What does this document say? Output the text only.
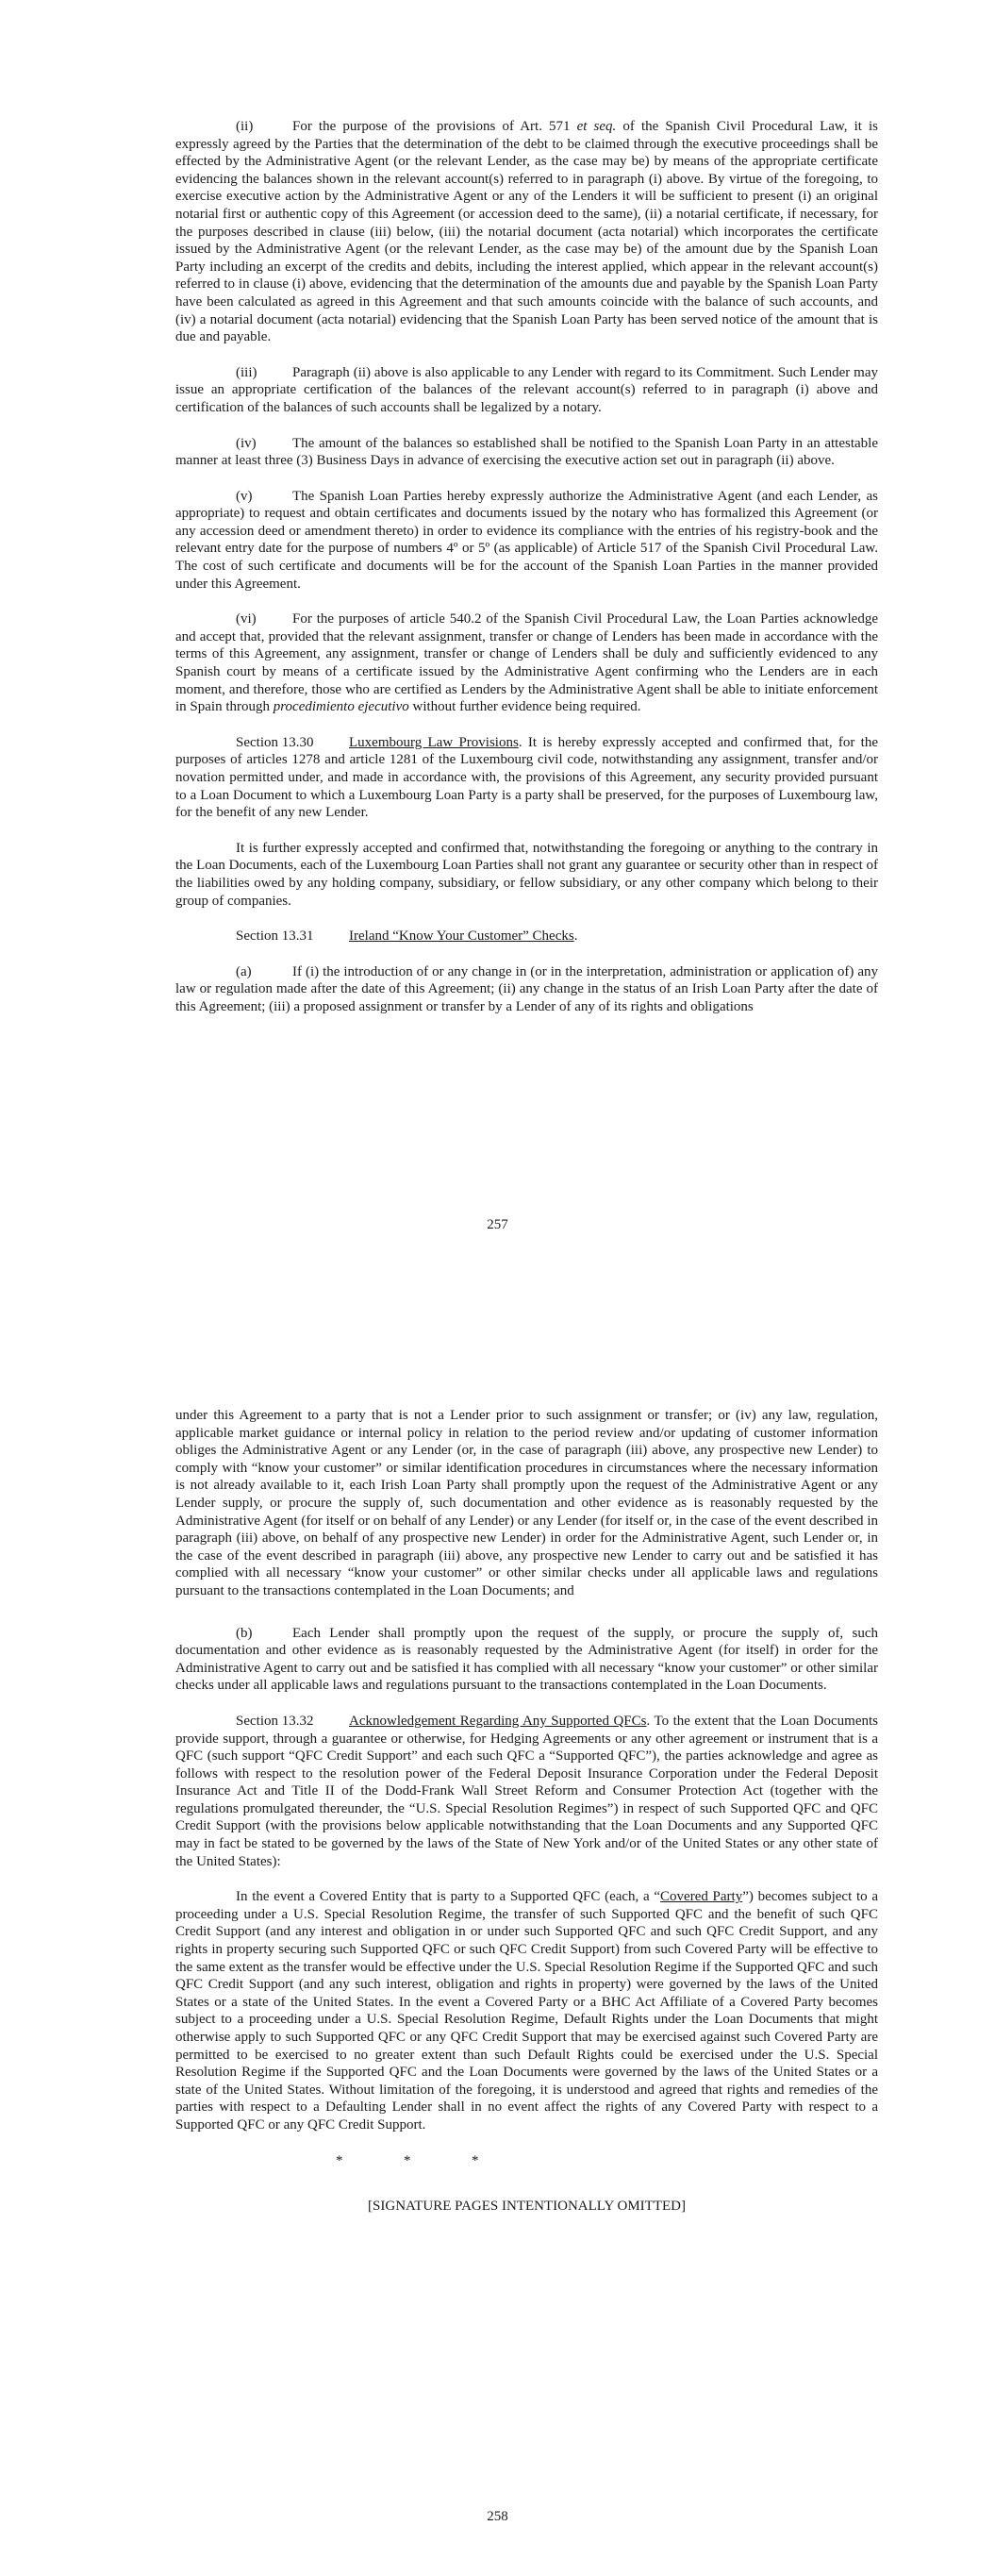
(ii)	For the purpose of the provisions of Art. 571 et seq. of the Spanish Civil Procedural Law, it is expressly agreed by the Parties that the determination of the debt to be claimed through the executive proceedings shall be effected by the Administrative Agent (or the relevant Lender, as the case may be) by means of the appropriate certificate evidencing the balances shown in the relevant account(s) referred to in paragraph (i) above. By virtue of the foregoing, to exercise executive action by the Administrative Agent or any of the Lenders it will be sufficient to present (i) an original notarial first or authentic copy of this Agreement (or accession deed to the same), (ii) a notarial certificate, if necessary, for the purposes described in clause (iii) below, (iii) the notarial document (acta notarial) which incorporates the certificate issued by the Administrative Agent (or the relevant Lender, as the case may be) of the amount due by the Spanish Loan Party including an excerpt of the credits and debits, including the interest applied, which appear in the relevant account(s) referred to in clause (i) above, evidencing that the determination of the amounts due and payable by the Spanish Loan Party have been calculated as agreed in this Agreement and that such amounts coincide with the balance of such accounts, and (iv) a notarial document (acta notarial) evidencing that the Spanish Loan Party has been served notice of the amount that is due and payable.

(iii)	Paragraph (ii) above is also applicable to any Lender with regard to its Commitment. Such Lender may issue an appropriate certification of the balances of the relevant account(s) referred to in paragraph (i) above and certification of the balances of such accounts shall be legalized by a notary.

(iv)	The amount of the balances so established shall be notified to the Spanish Loan Party in an attestable manner at least three (3) Business Days in advance of exercising the executive action set out in paragraph (ii) above.

(v)	The Spanish Loan Parties hereby expressly authorize the Administrative Agent (and each Lender, as appropriate) to request and obtain certificates and documents issued by the notary who has formalized this Agreement (or any accession deed or amendment thereto) in order to evidence its compliance with the entries of his registry-book and the relevant entry date for the purpose of numbers 4º or 5º (as applicable) of Article 517 of the Spanish Civil Procedural Law. The cost of such certificate and documents will be for the account of the Spanish Loan Parties in the manner provided under this Agreement.

(vi)	For the purposes of article 540.2 of the Spanish Civil Procedural Law, the Loan Parties acknowledge and accept that, provided that the relevant assignment, transfer or change of Lenders has been made in accordance with the terms of this Agreement, any assignment, transfer or change of Lenders shall be duly and sufficiently evidenced to any Spanish court by means of a certificate issued by the Administrative Agent confirming who the Lenders are in each moment, and therefore, those who are certified as Lenders by the Administrative Agent shall be able to initiate enforcement in Spain through procedimiento ejecutivo without further evidence being required.

Section 13.30	Luxembourg Law Provisions. It is hereby expressly accepted and confirmed that, for the purposes of articles 1278 and article 1281 of the Luxembourg civil code, notwithstanding any assignment, transfer and/or novation permitted under, and made in accordance with, the provisions of this Agreement, any security provided pursuant to a Loan Document to which a Luxembourg Loan Party is a party shall be preserved, for the purposes of Luxembourg law, for the benefit of any new Lender.

It is further expressly accepted and confirmed that, notwithstanding the foregoing or anything to the contrary in the Loan Documents, each of the Luxembourg Loan Parties shall not grant any guarantee or security other than in respect of the liabilities owed by any holding company, subsidiary, or fellow subsidiary, or any other company which belong to their group of companies.

Section 13.31	Ireland “Know Your Customer” Checks.

(a)	If (i) the introduction of or any change in (or in the interpretation, administration or application of) any law or regulation made after the date of this Agreement; (ii) any change in the status of an Irish Loan Party after the date of this Agreement; (iii) a proposed assignment or transfer by a Lender of any of its rights and obligations

257

under this Agreement to a party that is not a Lender prior to such assignment or transfer; or (iv) any law, regulation, applicable market guidance or internal policy in relation to the period review and/or updating of customer information obliges the Administrative Agent or any Lender (or, in the case of paragraph (iii) above, any prospective new Lender) to comply with “know your customer” or similar identification procedures in circumstances where the necessary information is not already available to it, each Irish Loan Party shall promptly upon the request of the Administrative Agent or any Lender supply, or procure the supply of, such documentation and other evidence as is reasonably requested by the Administrative Agent (for itself or on behalf of any Lender) or any Lender (for itself or, in the case of the event described in paragraph (iii) above, on behalf of any prospective new Lender) in order for the Administrative Agent, such Lender or, in the case of the event described in paragraph (iii) above, any prospective new Lender to carry out and be satisfied it has complied with all necessary “know your customer” or other similar checks under all applicable laws and regulations pursuant to the transactions contemplated in the Loan Documents; and

(b)	Each Lender shall promptly upon the request of the supply, or procure the supply of, such documentation and other evidence as is reasonably requested by the Administrative Agent (for itself) in order for the Administrative Agent to carry out and be satisfied it has complied with all necessary “know your customer” or other similar checks under all applicable laws and regulations pursuant to the transactions contemplated in the Loan Documents.

Section 13.32	Acknowledgement Regarding Any Supported QFCs. To the extent that the Loan Documents provide support, through a guarantee or otherwise, for Hedging Agreements or any other agreement or instrument that is a QFC (such support “QFC Credit Support” and each such QFC a “Supported QFC”), the parties acknowledge and agree as follows with respect to the resolution power of the Federal Deposit Insurance Corporation under the Federal Deposit Insurance Act and Title II of the Dodd-Frank Wall Street Reform and Consumer Protection Act (together with the regulations promulgated thereunder, the “U.S. Special Resolution Regimes”) in respect of such Supported QFC and QFC Credit Support (with the provisions below applicable notwithstanding that the Loan Documents and any Supported QFC may in fact be stated to be governed by the laws of the State of New York and/or of the United States or any other state of the United States):

In the event a Covered Entity that is party to a Supported QFC (each, a “Covered Party”) becomes subject to a proceeding under a U.S. Special Resolution Regime, the transfer of such Supported QFC and the benefit of such QFC Credit Support (and any interest and obligation in or under such Supported QFC and such QFC Credit Support, and any rights in property securing such Supported QFC or such QFC Credit Support) from such Covered Party will be effective to the same extent as the transfer would be effective under the U.S. Special Resolution Regime if the Supported QFC and such QFC Credit Support (and any such interest, obligation and rights in property) were governed by the laws of the United States or a state of the United States. In the event a Covered Party or a BHC Act Affiliate of a Covered Party becomes subject to a proceeding under a U.S. Special Resolution Regime, Default Rights under the Loan Documents that might otherwise apply to such Supported QFC or any QFC Credit Support that may be exercised against such Covered Party are permitted to be exercised to no greater extent than such Default Rights could be exercised under the U.S. Special Resolution Regime if the Supported QFC and the Loan Documents were governed by the laws of the United States or a state of the United States. Without limitation of the foregoing, it is understood and agreed that rights and remedies of the parties with respect to a Defaulting Lender shall in no event affect the rights of any Covered Party with respect to a Supported QFC or any QFC Credit Support.

*	*	*

[SIGNATURE PAGES INTENTIONALLY OMITTED]

258
